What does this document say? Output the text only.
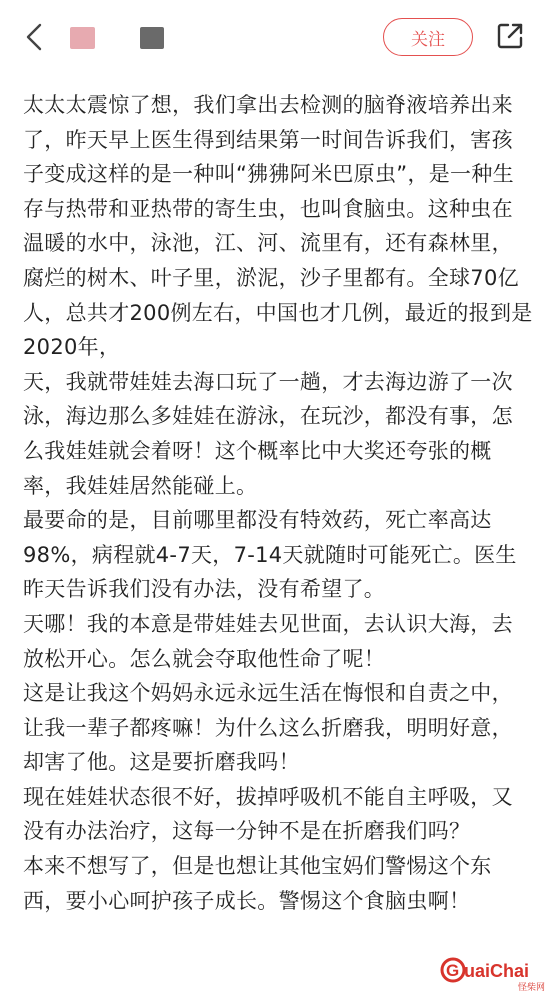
关注

太太太震惊了想，我们拿出去检测的脑脊液培养出来了，昨天早上医生得到结果第一时间告诉我们，害孩子变成这样的是一种叫“狒狒阿米巴原虫”，是一种生存与热带和亚热带的寄生虫，也叫食脑虫。这种虫在温暖的水中，泳池，江、河、流里有，还有森林里，腐烂的树木、叶子里，淤泥，沙子里都有。全球70亿人，总共才200例左右，中国也才几例，最近的报到是2020年，

天，我就带娃娃去海口玩了一趟，才去海边游了一次泳，海边那么多娃娃在游泳，在玩沙，都没有事，怎么我娃娃就会着呀！这个概率比中大奖还夸张的概率，我娃娃居然能碰上。

最要命的是，目前哪里都没有特效药，死亡率高达98%，病程就4-7天，7-14天就随时可能死亡。医生昨天告诉我们没有办法，没有希望了。

天哪！我的本意是带娃娃去见世面，去认识大海，去放松开心。怎么就会夺取他性命了呢！

这是让我这个妈妈永远永远生活在悔恨和自责之中，让我一辈子都疼嘛！为什么这么折磨我，明明好意，却害了他。这是要折磨我吗！

现在娃娃状态很不好，拔掉呼吸机不能自主呼吸，又没有办法治疗，这每一分钟不是在折磨我们吗？

本来不想写了，但是也想让其他宝妈们警惕这个东西，要小心呵护孩子成长。警惕这个食脑虫啊！

G uaiChai
怪柴网
